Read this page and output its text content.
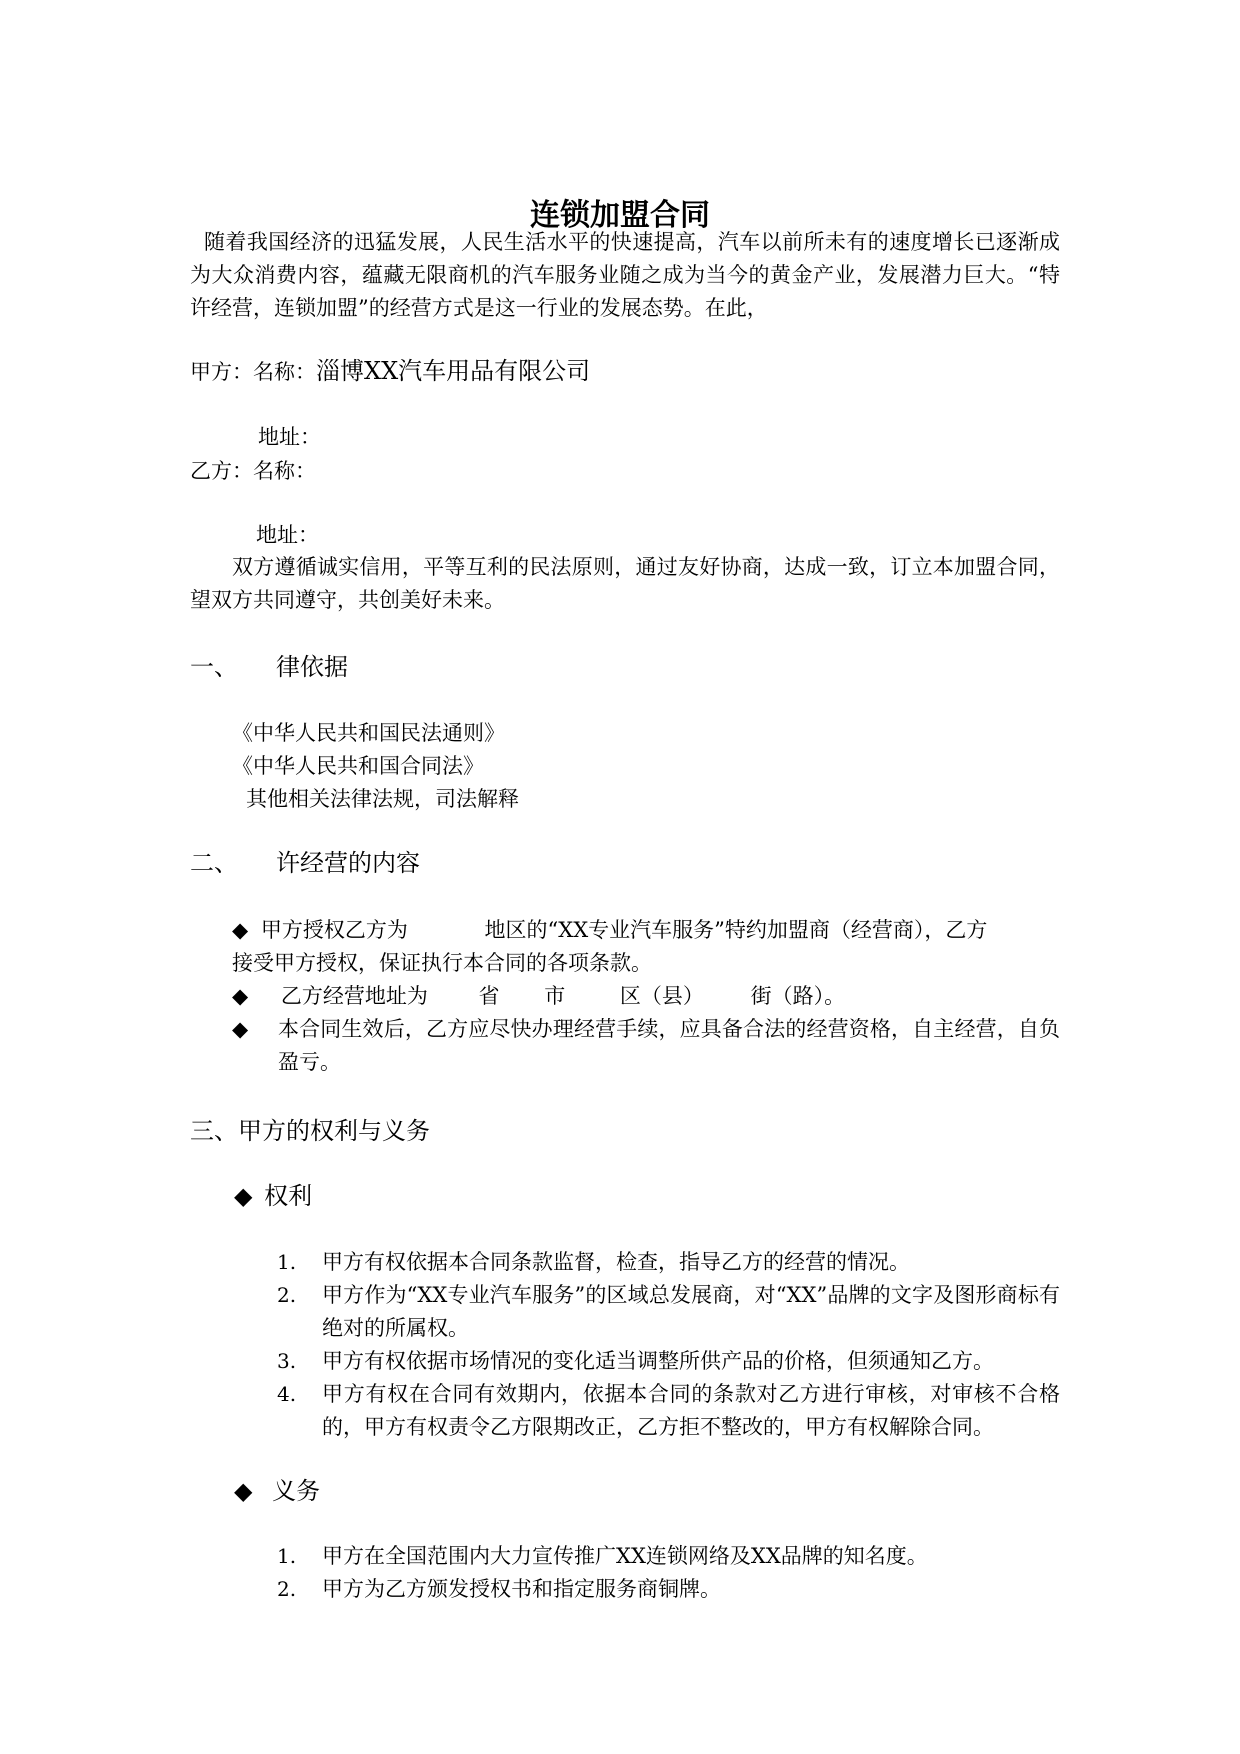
连锁加盟合同
随着我国经济的迅猛发展，人民生活水平的快速提高，汽车以前所未有的速度增长已逐渐成为大众消费内容，蕴藏无限商机的汽车服务业随之成为当今的黄金产业，发展潜力巨大。“特许经营，连锁加盟”的经营方式是这一行业的发展态势。在此，
甲方：名称：淄博XX汽车用品有限公司
地址：
乙方：名称：
地址：
双方遵循诚实信用，平等互利的民法原则，通过友好协商，达成一致，订立本加盟合同，望双方共同遵守，共创美好未来。
一、 律依据
《中华人民共和国民法通则》
《中华人民共和国合同法》
其他相关法律法规，司法解释
二、 许经营的内容
◆ 甲方授权乙方为	地区的“XX专业汽车服务”特约加盟商（经营商），乙方
接受甲方授权，保证执行本合同的各项条款。
◆ 乙方经营地址为 省 市	区（县） 街（路）。
◆ 本合同生效后，乙方应尽快办理经营手续，应具备合法的经营资格，自主经营，自负盈亏。
三、甲方的权利与义务
◆ 权利
1. 甲方有权依据本合同条款监督，检查，指导乙方的经营的情况。
2. 甲方作为“XX专业汽车服务”的区域总发展商，对“XX”品牌的文字及图形商标有绝对的所属权。
3. 甲方有权依据市场情况的变化适当调整所供产品的价格，但须通知乙方。
4. 甲方有权在合同有效期内，依据本合同的条款对乙方进行审核，对审核不合格的，甲方有权责令乙方限期改正，乙方拒不整改的，甲方有权解除合同。
◆ 义务
1. 甲方在全国范围内大力宣传推广XX连锁网络及XX品牌的知名度。
2. 甲方为乙方颁发授权书和指定服务商铜牌。
